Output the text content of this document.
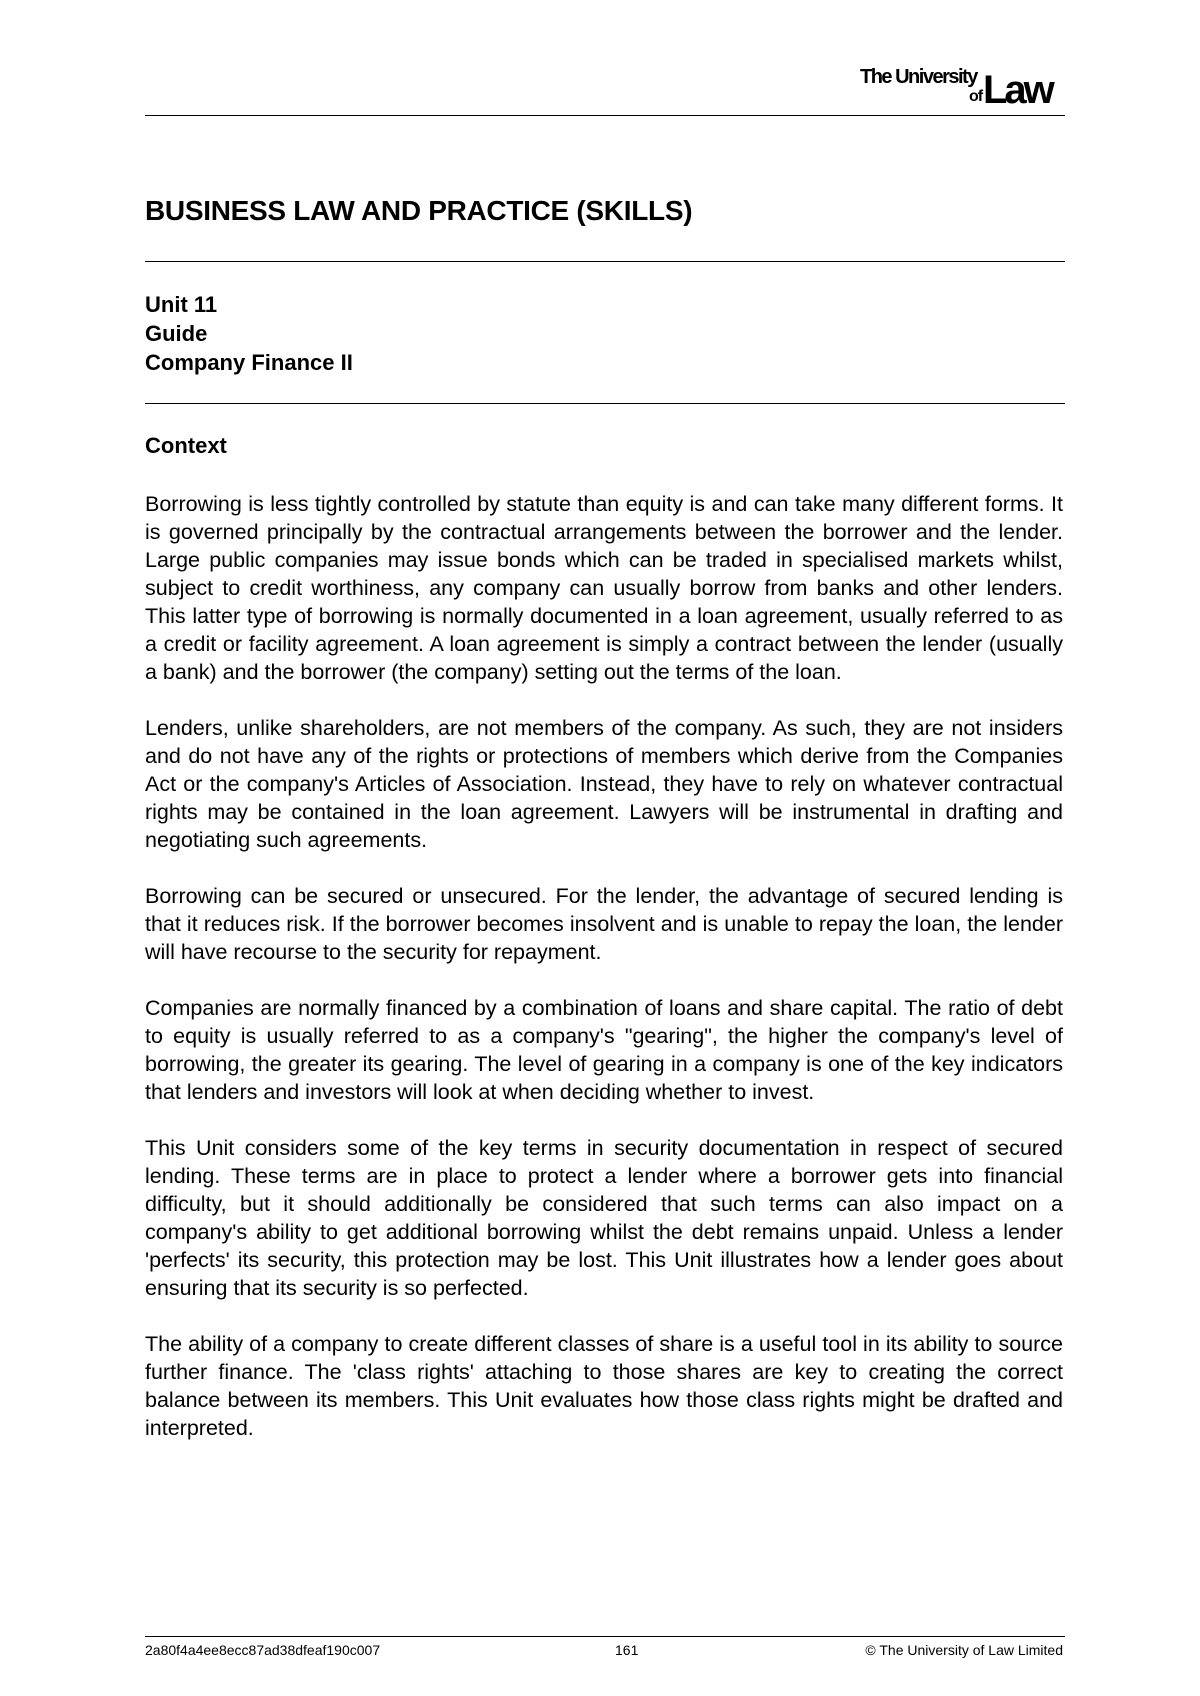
The University
of Law
BUSINESS LAW AND PRACTICE (SKILLS)
Unit 11
Guide
Company Finance II
Context

Borrowing is less tightly controlled by statute than equity is and can take many different forms. It is governed principally by the contractual arrangements between the borrower and the lender. Large public companies may issue bonds which can be traded in specialised markets whilst, subject to credit worthiness, any company can usually borrow from banks and other lenders. This latter type of borrowing is normally documented in a loan agreement, usually referred to as a credit or facility agreement. A loan agreement is simply a contract between the lender (usually a bank) and the borrower (the company) setting out the terms of the loan.

Lenders, unlike shareholders, are not members of the company. As such, they are not insiders and do not have any of the rights or protections of members which derive from the Companies Act or the company's Articles of Association. Instead, they have to rely on whatever contractual rights may be contained in the loan agreement. Lawyers will be instrumental in drafting and negotiating such agreements.

Borrowing can be secured or unsecured. For the lender, the advantage of secured lending is that it reduces risk. If the borrower becomes insolvent and is unable to repay the loan, the lender will have recourse to the security for repayment.

Companies are normally financed by a combination of loans and share capital. The ratio of debt to equity is usually referred to as a company's "gearing", the higher the company's level of borrowing, the greater its gearing. The level of gearing in a company is one of the key indicators that lenders and investors will look at when deciding whether to invest.

This Unit considers some of the key terms in security documentation in respect of secured lending. These terms are in place to protect a lender where a borrower gets into financial difficulty, but it should additionally be considered that such terms can also impact on a company's ability to get additional borrowing whilst the debt remains unpaid. Unless a lender 'perfects' its security, this protection may be lost. This Unit illustrates how a lender goes about ensuring that its security is so perfected.

The ability of a company to create different classes of share is a useful tool in its ability to source further finance. The 'class rights' attaching to those shares are key to creating the correct balance between its members. This Unit evaluates how those class rights might be drafted and interpreted.

2a80f4a4ee8ecc87ad38dfeaf190c007	161	© The University of Law Limited
